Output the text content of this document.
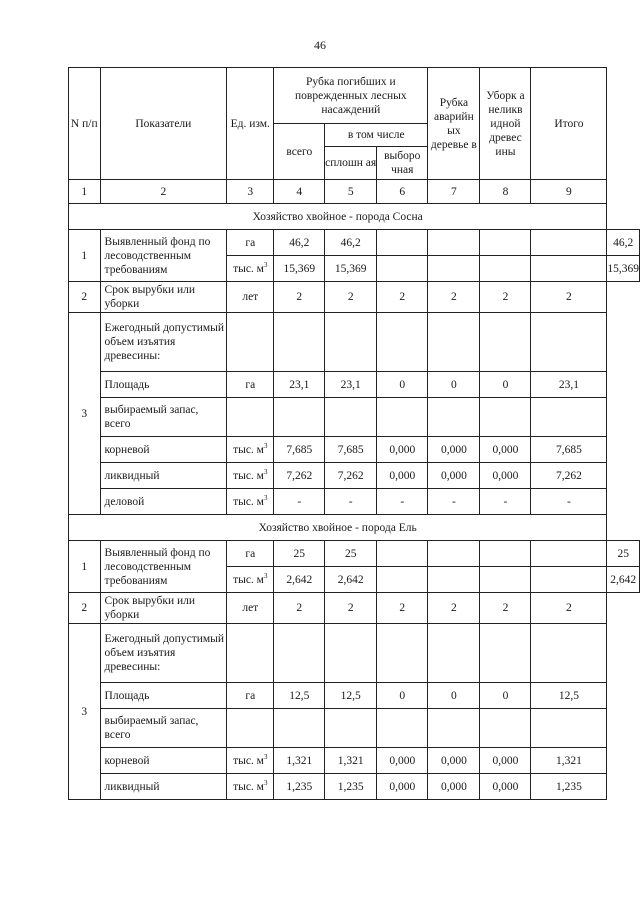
46
N п/п	Показатели	Ед. изм.	Рубка погибших и поврежденных лесных насаждений			Рубка аварийн ых деревье в	Уборк а неликв идной древес ины	Итого	

			всего	в том числе					
				сплошн ая	выборо чная				
1	2	3	4	5	6	7	8	9	
Хозяйство хвойное - порода Сосна									
1	Выявленный фонд по лесоводственным требованиям	га	46,2	46,2					46,2
		тыс. $м^3$	15,369	15,369					15,369
2	Срок вырубки или уборки	лет	2	2	2	2	2	2	
3	Ежегодный допустимый объем изъятия древесины:								
	Площадь	га	23,1	23,1	0	0	0	23,1	
	выбираемый запас, всего								
	корневой	тыс. $м^3$	7,685	7,685	0,000	0,000	0,000	7,685	
	ликвидный	тыс. $м^3$	7,262	7,262	0,000	0,000	0,000	7,262	
	деловой	тыс. $м^3$	-	-	-	-	-	-	
Хозяйство хвойное - порода Ель									
1	Выявленный фонд по лесоводственным требованиям	га	25	25					25
		тыс. $м^3$	2,642	2,642					2,642
2	Срок вырубки или уборки	лет	2	2	2	2	2	2	
3	Ежегодный допустимый объем изъятия древесины:								
	Площадь	га	12,5	12,5	0	0	0	12,5	
	выбираемый запас, всего								
	корневой	тыс. $м^3$	1,321	1,321	0,000	0,000	0,000	1,321	
	ликвидный	тыс. $м^3$	1,235	1,235	0,000	0,000	0,000	1,235	
